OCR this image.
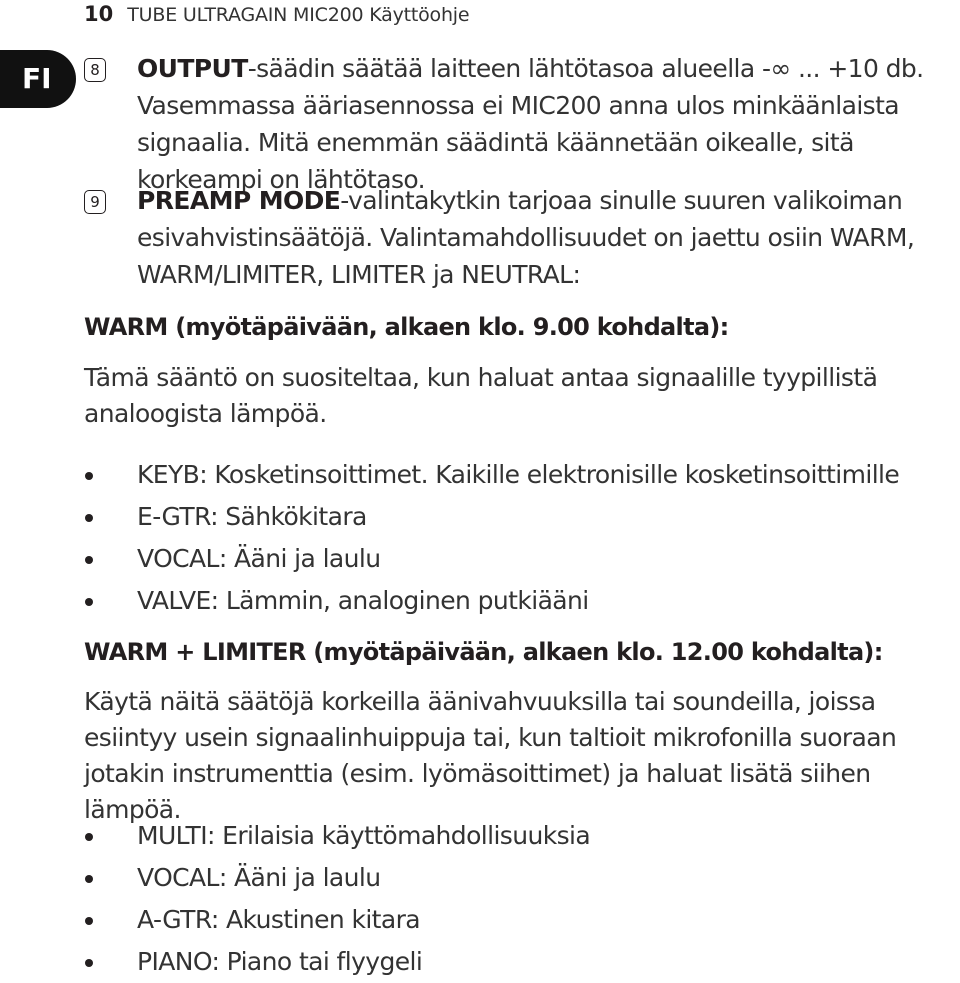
10 TUBE ULTRAGAIN MIC200 Käyttöohje
FI	8 OUTPUT-säädin säätää laitteen lähtötasoa alueella -∞ ... +10 db. Vasemmassa ääriasennossa ei MIC200 anna ulos minkäänlaista signaalia. Mitä enemmän säädintä käännetään oikealle, sitä korkeampi on lähtötaso.
9 PREAMP MODE-valintakytkin tarjoaa sinulle suuren valikoiman esivahvistinsäätöjä. Valintamahdollisuudet on jaettu osiin WARM, WARM/LIMITER, LIMITER ja NEUTRAL:
WARM (myötäpäivään, alkaen klo. 9.00 kohdalta):
Tämä sääntö on suositeltaa, kun haluat antaa signaalille tyypillistä analoogista lämpöä.
KEYB: Kosketinsoittimet. Kaikille elektronisille kosketinsoittimille
E-GTR: Sähkökitara
VOCAL: Ääni ja laulu
VALVE: Lämmin, analoginen putkiääni
WARM + LIMITER (myötäpäivään, alkaen klo. 12.00 kohdalta):
Käytä näitä säätöjä korkeilla äänivahvuuksilla tai soundeilla, joissa esiintyy usein signaalinhuippuja tai, kun taltioit mikrofonilla suoraan jotakin instrumenttia (esim. lyömäsoittimet) ja haluat lisätä siihen lämpöä.
MULTI: Erilaisia käyttömahdollisuuksia
VOCAL: Ääni ja laulu
A-GTR: Akustinen kitara
PIANO: Piano tai flyygeli
